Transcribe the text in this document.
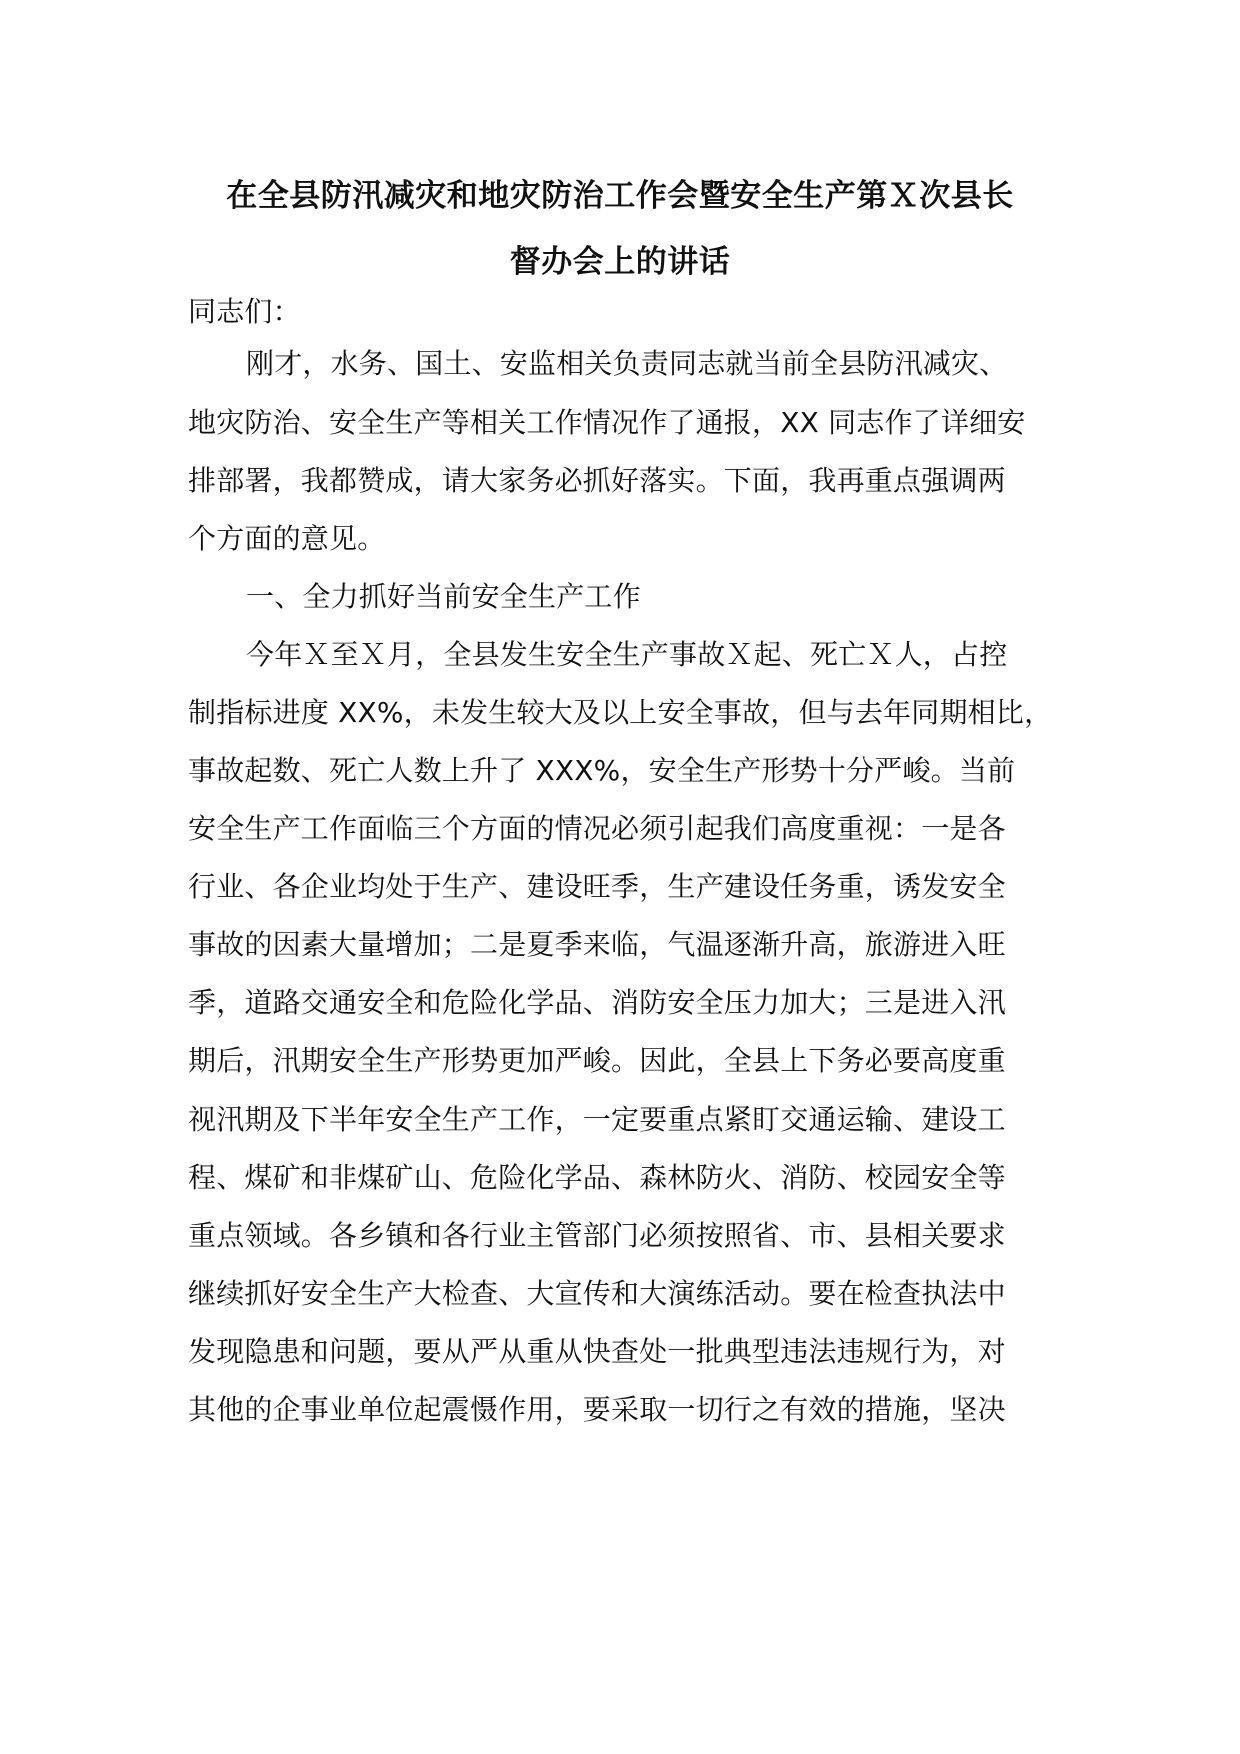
在全县防汛减灾和地灾防治工作会暨安全生产第Ｘ次县长
督办会上的讲话
同志们：
刚才，水务、国土、安监相关负责同志就当前全县防汛减灾、
地灾防治、安全生产等相关工作情况作了通报，XX 同志作了详细安
排部署，我都赞成，请大家务必抓好落实。下面，我再重点强调两
个方面的意见。
一、全力抓好当前安全生产工作
今年Ｘ至Ｘ月，全县发生安全生产事故Ｘ起、死亡Ｘ人，占控
制指标进度 XX%，未发生较大及以上安全事故，但与去年同期相比，
事故起数、死亡人数上升了 XXX%，安全生产形势十分严峻。当前
安全生产工作面临三个方面的情况必须引起我们高度重视：一是各
行业、各企业均处于生产、建设旺季，生产建设任务重，诱发安全
事故的因素大量增加；二是夏季来临，气温逐渐升高，旅游进入旺
季，道路交通安全和危险化学品、消防安全压力加大；三是进入汛
期后，汛期安全生产形势更加严峻。因此，全县上下务必要高度重
视汛期及下半年安全生产工作，一定要重点紧盯交通运输、建设工
程、煤矿和非煤矿山、危险化学品、森林防火、消防、校园安全等
重点领域。各乡镇和各行业主管部门必须按照省、市、县相关要求
继续抓好安全生产大检查、大宣传和大演练活动。要在检查执法中
发现隐患和问题，要从严从重从快查处一批典型违法违规行为，对
其他的企事业单位起震慑作用，要采取一切行之有效的措施，坚决
